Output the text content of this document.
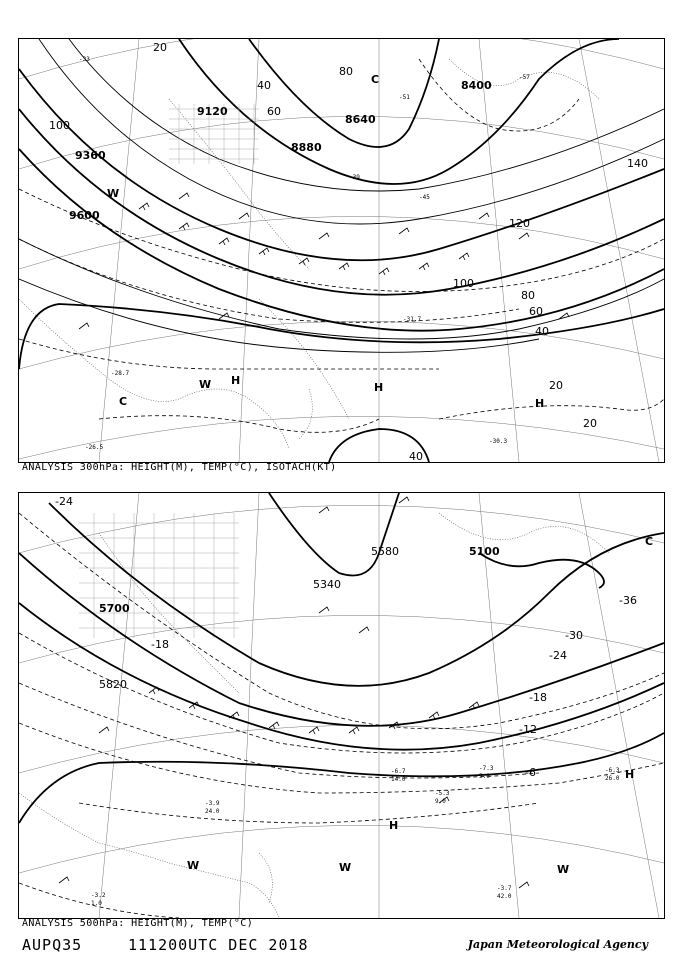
9120
9360
9600
8880
8640
8400
20
40
60
80
100
120
140
100
80
60
40
20
40
20
-33
-39
-45
-51
-57
-30.3
-28.7
-31.7
-26.5
H
H
H
C
C
W
W
ANALYSIS 300hPa: HEIGHT(M), TEMP(°C), ISOTACH(KT)
5100
5340
5700
5820
5580
-24
-36
-30
-24
-18
-12
-6
-18
-7.3
5.0
-6.3
26.0
-3.7
42.0
-3.9
24.0
-3.2
1.0
-6.7
14.0
-5.3
9.0
H
H
W	W	W
C
ANALYSIS 500hPa: HEIGHT(M), TEMP(°C)
AUPQ35	111200UTC DEC 2018	Japan Meteorological Agency
